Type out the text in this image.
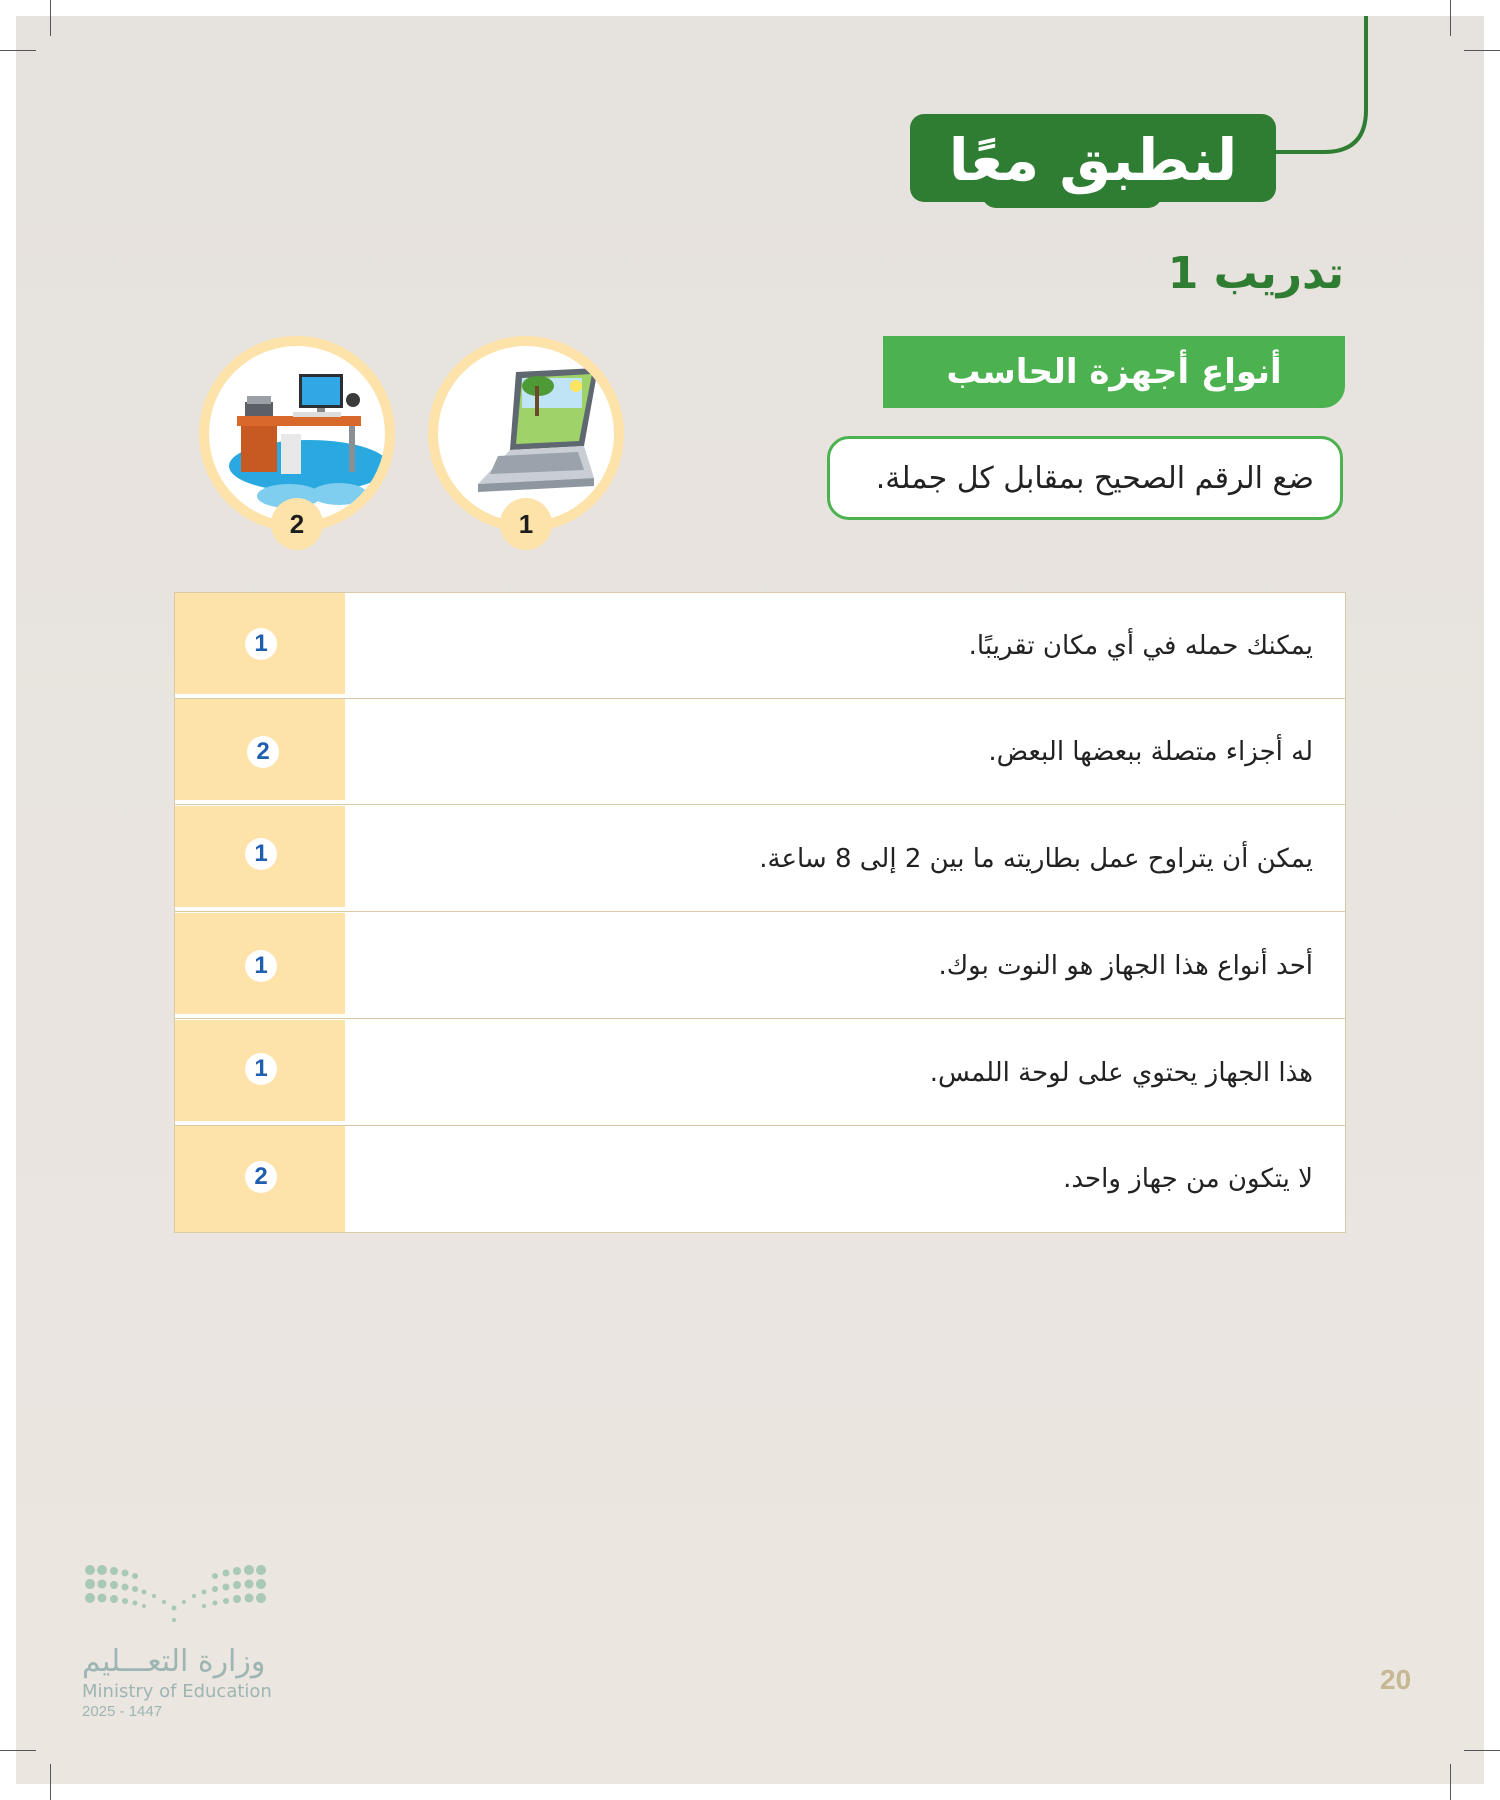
لنطبق معًا
تدريب 1
أنواع أجهزة الحاسب
ضع الرقم الصحيح بمقابل كل جملة.
1
2
1	يمكنك حمله في أي مكان تقريبًا.
2	له أجزاء متصلة ببعضها البعض.
1	يمكن أن يتراوح عمل بطاريته ما بين 2 إلى 8 ساعة.
1	أحد أنواع هذا الجهاز هو النوت بوك.
1	هذا الجهاز يحتوي على لوحة اللمس.
2	لا يتكون من جهاز واحد.
وزارة التعـــليم
Ministry of Education
2025 - 1447
20
